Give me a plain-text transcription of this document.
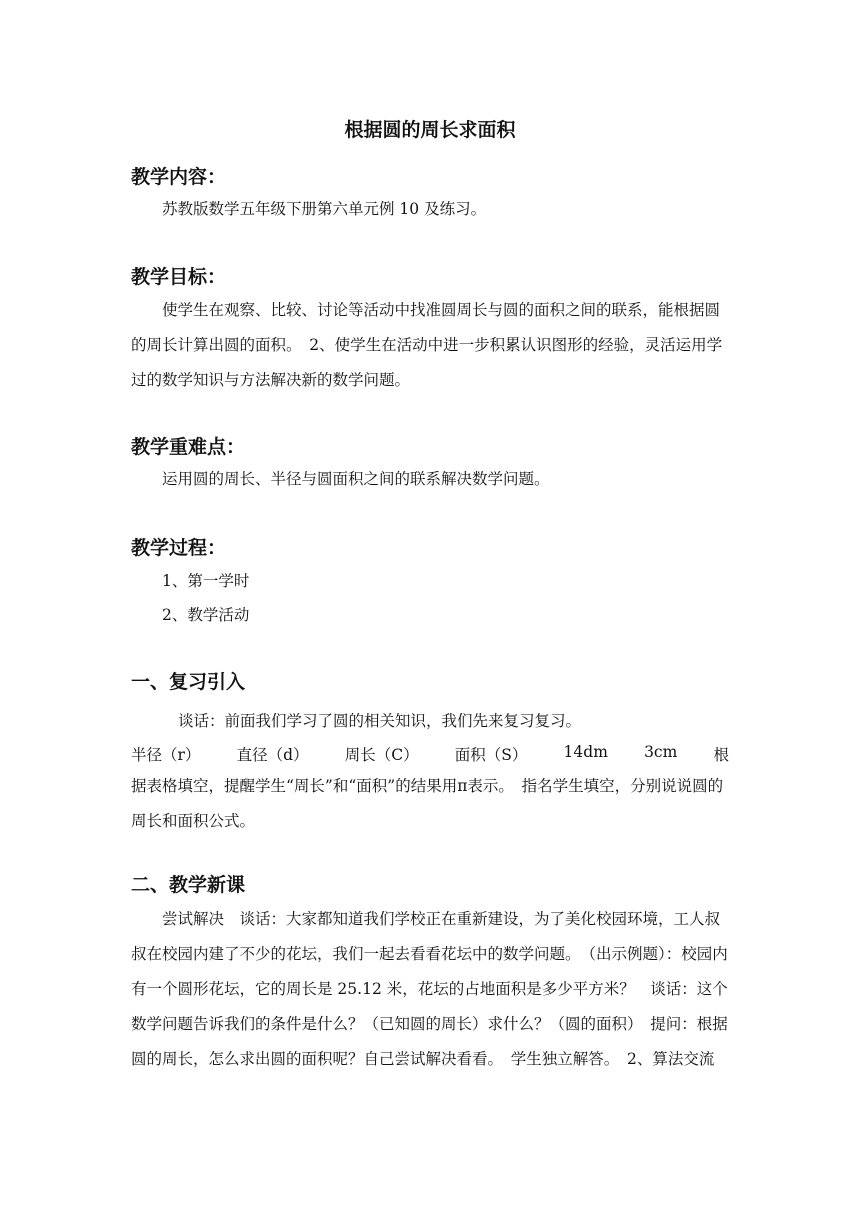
根据圆的周长求面积
教学内容：
苏教版数学五年级下册第六单元例 10 及练习。
教学目标：
使学生在观察、比较、讨论等活动中找准圆周长与圆的面积之间的联系，能根据圆的周长计算出圆的面积。　2、使学生在活动中进一步积累认识图形的经验，灵活运用学过的数学知识与方法解决新的数学问题。
教学重难点：
运用圆的周长、半径与圆面积之间的联系解决数学问题。
教学过程：
1、第一学时
2、教学活动
一、复习引入
谈话：前面我们学习了圆的相关知识，我们先来复习复习。
半径（r） 直径（d） 周长（C） 面积（S） 14dm 3cm 根
据表格填空，提醒学生“周长”和“面积”的结果用π表示。　指名学生填空，分别说说圆的周长和面积公式。
二、教学新课
尝试解决　谈话：大家都知道我们学校正在重新建设，为了美化校园环境，工人叔叔在校园内建了不少的花坛，我们一起去看看花坛中的数学问题。　（出示例题）：校园内有一个圆形花坛，它的周长是 25.12 米，花坛的占地面积是多少平方米？　谈话：这个数学问题告诉我们的条件是什么？（已知圆的周长）求什么？（圆的面积）　提问：根据圆的周长，怎么求出圆的面积呢？自己尝试解决看看。　学生独立解答。　2、算法交流
